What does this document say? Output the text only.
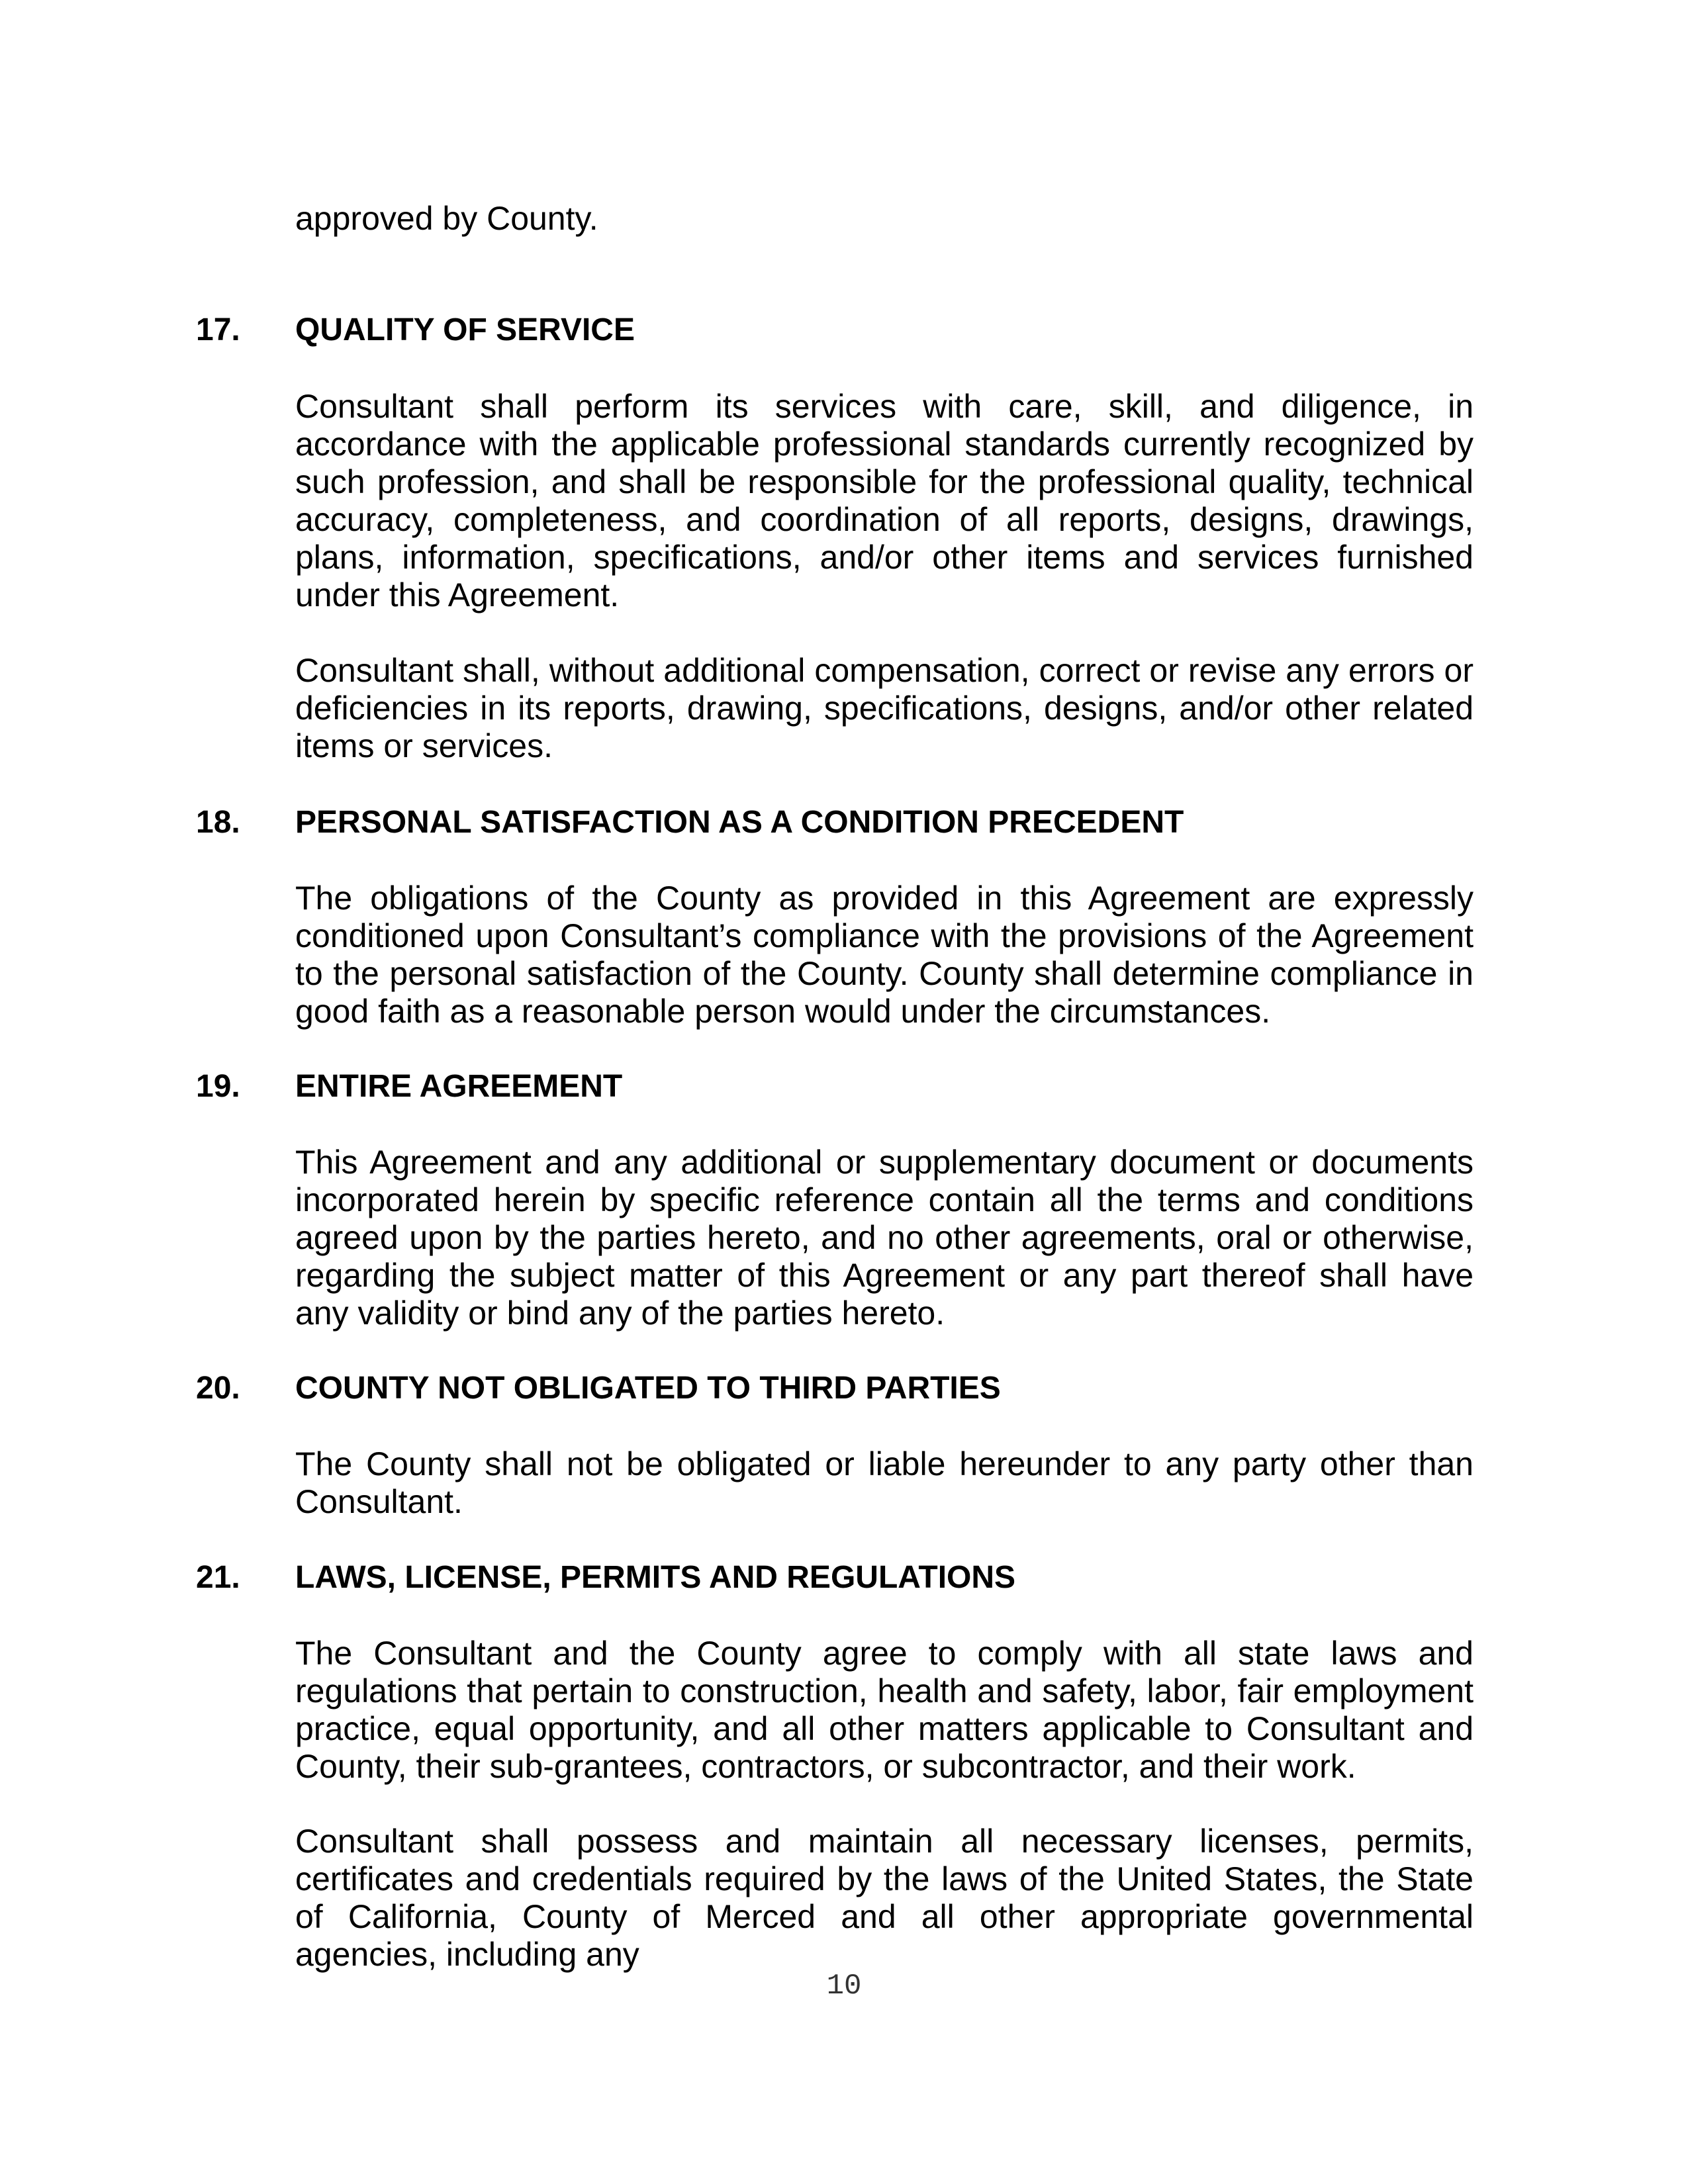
approved by County.

17. QUALITY OF SERVICE

Consultant shall perform its services with care, skill, and diligence, in accordance with the applicable professional standards currently recognized by such profession, and shall be responsible for the professional quality, technical accuracy, completeness, and coordination of all reports, designs, drawings, plans, information, specifications, and/or other items and services furnished under this Agreement.

Consultant shall, without additional compensation, correct or revise any errors or deficiencies in its reports, drawing, specifications, designs, and/or other related items or services.

18. PERSONAL SATISFACTION AS A CONDITION PRECEDENT

The obligations of the County as provided in this Agreement are expressly conditioned upon Consultant’s compliance with the provisions of the Agreement to the personal satisfaction of the County. County shall determine compliance in good faith as a reasonable person would under the circumstances.

19. ENTIRE AGREEMENT

This Agreement and any additional or supplementary document or documents incorporated herein by specific reference contain all the terms and conditions agreed upon by the parties hereto, and no other agreements, oral or otherwise, regarding the subject matter of this Agreement or any part thereof shall have any validity or bind any of the parties hereto.

20. COUNTY NOT OBLIGATED TO THIRD PARTIES

The County shall not be obligated or liable hereunder to any party other than Consultant.

21. LAWS, LICENSE, PERMITS AND REGULATIONS

The Consultant and the County agree to comply with all state laws and regulations that pertain to construction, health and safety, labor, fair employment practice, equal opportunity, and all other matters applicable to Consultant and County, their sub-grantees, contractors, or subcontractor, and their work.

Consultant shall possess and maintain all necessary licenses, permits, certificates and credentials required by the laws of the United States, the State of California, County of Merced and all other appropriate governmental agencies, including any

10
